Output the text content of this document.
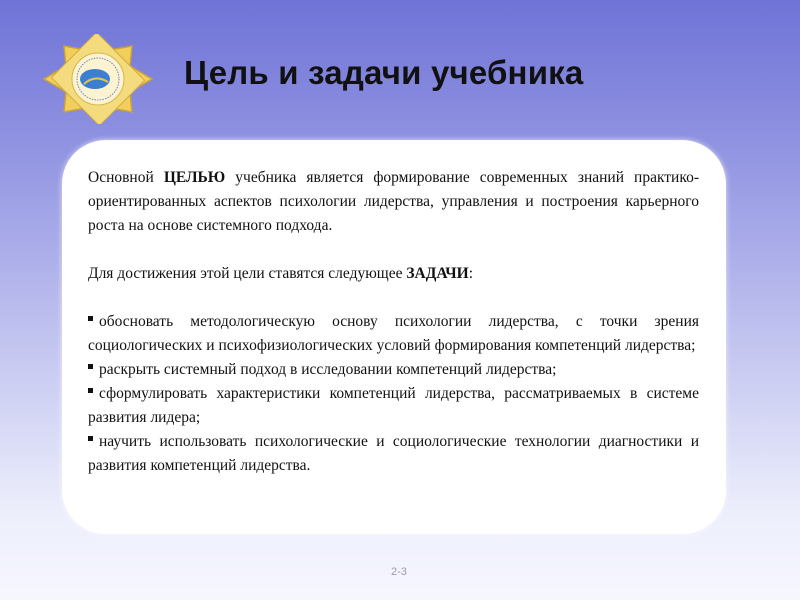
Цель и задачи учебника

Основной ЦЕЛЬЮ учебника является формирование современных знаний практико-ориентированных аспектов психологии лидерства, управления и построения карьерного роста на основе системного подхода.

Для достижения этой цели ставятся следующее ЗАДАЧИ:

обосновать методологическую основу психологии лидерства, с точки зрения социологических и психофизиологических условий формирования компетенций лидерства;
раскрыть системный подход в исследовании компетенций лидерства;
сформулировать характеристики компетенций лидерства, рассматриваемых в системе развития лидера;
научить использовать психологические и социологические технологии диагностики и развития компетенций лидерства.
2-3
